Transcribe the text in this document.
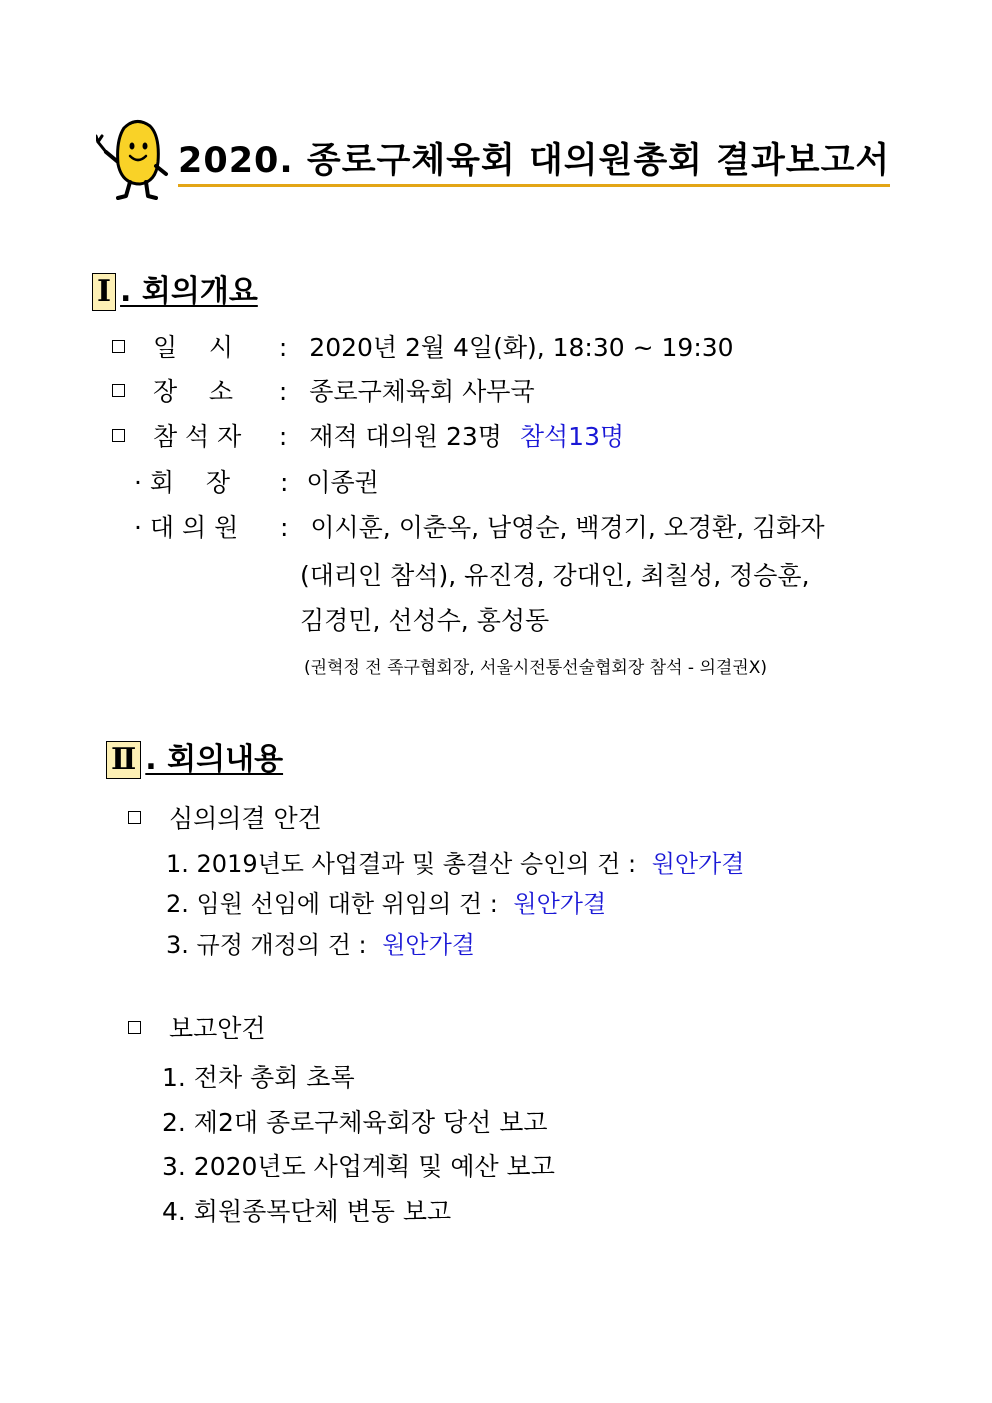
2020. 종로구체육회 대의원총회 결과보고서
Ⅰ . 회의개요
일    시 : 2020년 2월 4일(화), 18:30 ~ 19:30
장    소 : 종로구체육회 사무국
참 석 자 : 재적 대의원 23명 참석13명
· 회    장 : 이종권
· 대 의 원 : 이시훈, 이춘옥, 남영순, 백경기, 오경환, 김화자
(대리인 참석), 유진경, 강대인, 최칠성, 정승훈,
김경민, 선성수, 홍성동
(권혁정 전 족구협회장, 서울시전통선술협회장 참석 - 의결권X)
Ⅱ . 회의내용
심의의결 안건
1. 2019년도 사업결과 및 총결산 승인의 건 : 원안가결
2. 임원 선임에 대한 위임의 건 : 원안가결
3. 규정 개정의 건 : 원안가결
보고안건
1. 전차 총회 초록
2. 제2대 종로구체육회장 당선 보고
3. 2020년도 사업계획 및 예산 보고
4. 회원종목단체 변동 보고
